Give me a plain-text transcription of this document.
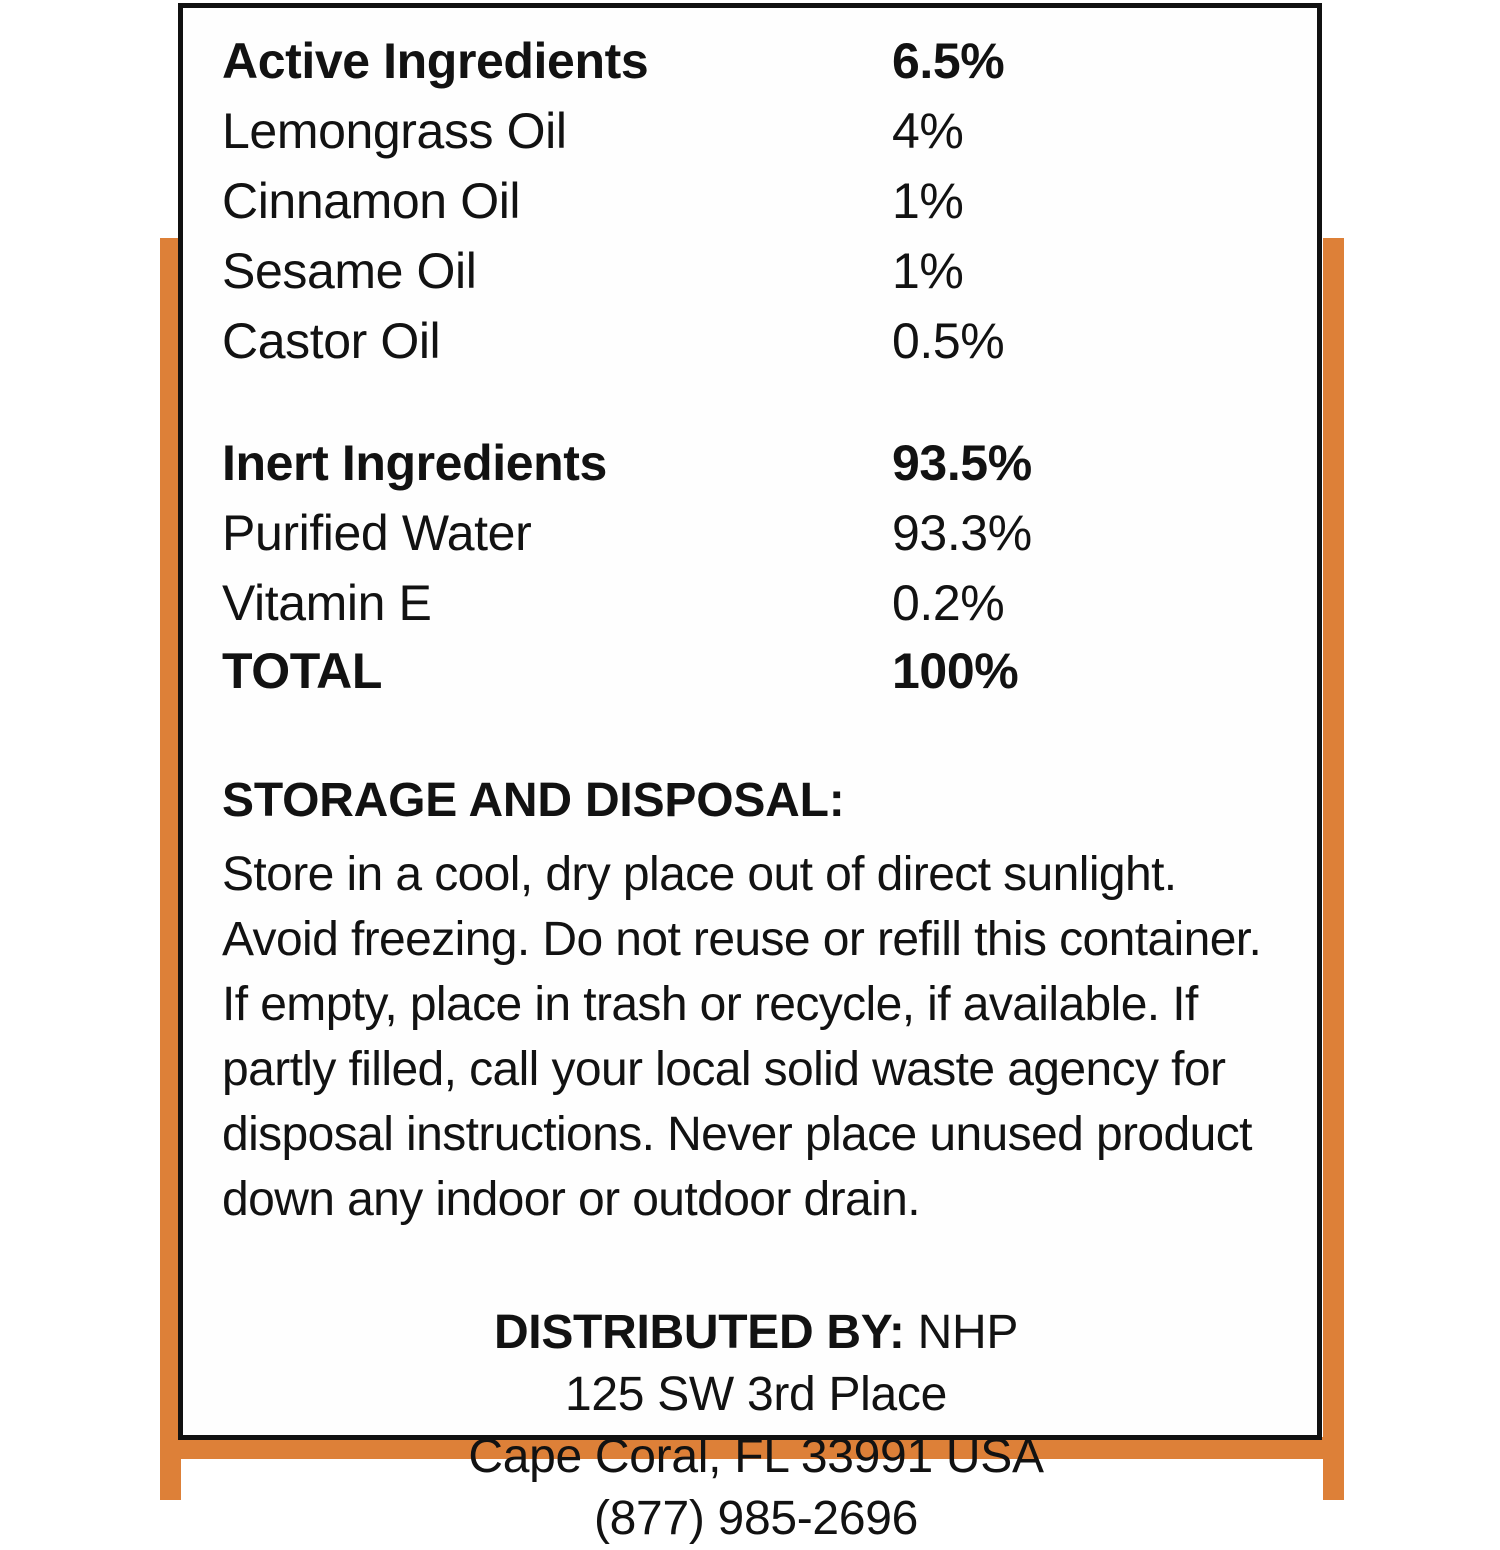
Active Ingredients	6.5%
Lemongrass Oil	4%
Cinnamon Oil	1%
Sesame Oil	1%
Castor Oil	0.5%

Inert Ingredients	93.5%
Purified Water	93.3%
Vitamin E	0.2%
TOTAL	100%
STORAGE AND DISPOSAL:
Store in a cool, dry place out of direct sunlight. Avoid freezing. Do not reuse or refill this container. If empty, place in trash or recycle, if available. If partly filled, call your local solid waste agency for disposal instructions. Never place unused product down any indoor or outdoor drain.
DISTRIBUTED BY: NHP
125 SW 3rd Place
Cape Coral, FL 33991 USA
(877) 985-2696
